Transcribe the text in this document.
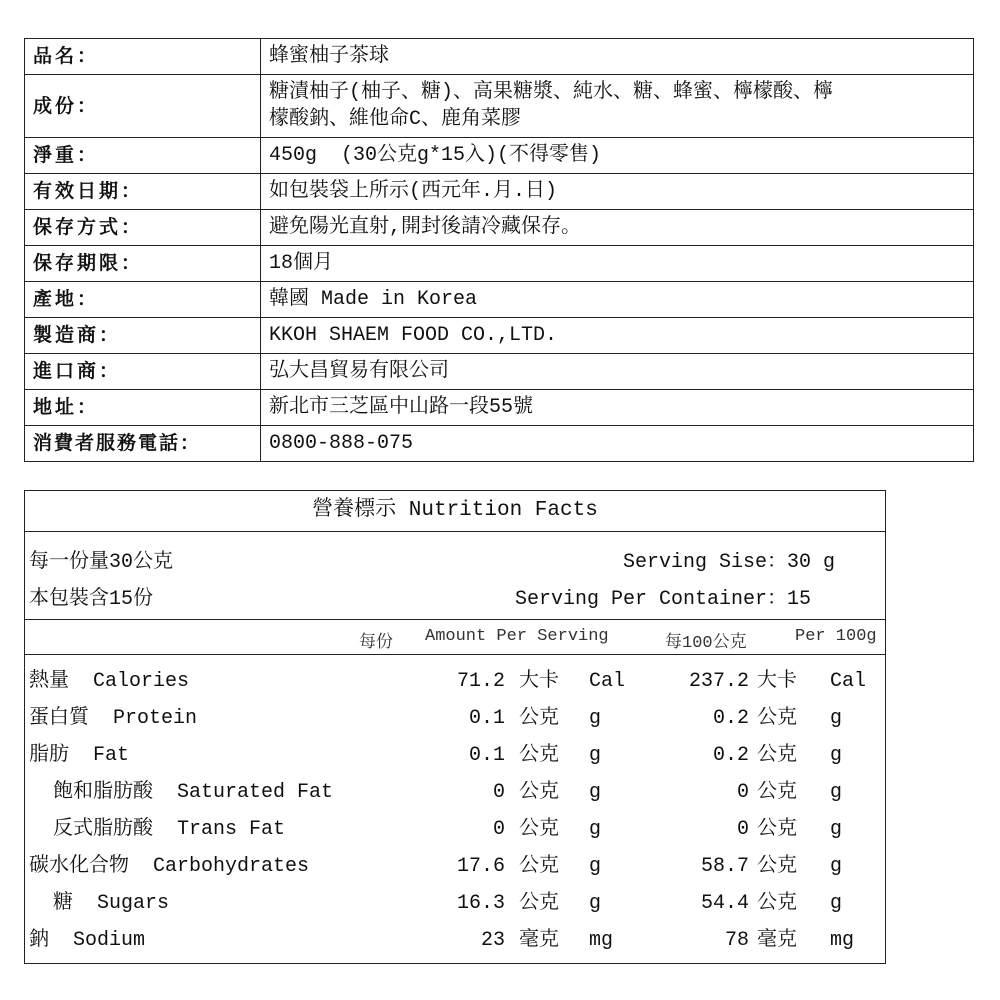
品名：	蜂蜜柚子茶球
成份：	糖漬柚子(柚子、糖)、高果糖漿、純水、糖、蜂蜜、檸檬酸、檸
檬酸鈉、維他命C、鹿角菜膠

淨重：	450g  (30公克g*15入)(不得零售)
有效日期：	如包裝袋上所示(西元年.月.日)
保存方式：	避免陽光直射,開封後請冷藏保存。
保存期限：	18個月
產地：	韓國 Made in Korea
製造商：	KKOH SHAEM FOOD CO.,LTD.
進口商：	弘大昌貿易有限公司
地址：	新北市三芝區中山路一段55號
消費者服務電話：	0800-888-075
營養標示 Nutrition Facts
每一份量30公克
本包裝含15份
Serving Sise：30 g
Serving Per Container：15
每份 Amount Per Serving	每100公克	Per 100g
熱量  Calories	71.2 大卡 Cal	237.2 大卡 Cal
蛋白質  Protein	0.1 公克 g	0.2 公克 g
脂肪  Fat	0.1 公克 g	0.2 公克 g
飽和脂肪酸  Saturated Fat	0 公克 g	0 公克 g
反式脂肪酸  Trans Fat	0 公克 g	0 公克 g
碳水化合物  Carbohydrates	17.6 公克 g	58.7 公克 g
糖  Sugars	16.3 公克 g	54.4 公克 g
鈉  Sodium	23 毫克 mg	78 毫克 mg
